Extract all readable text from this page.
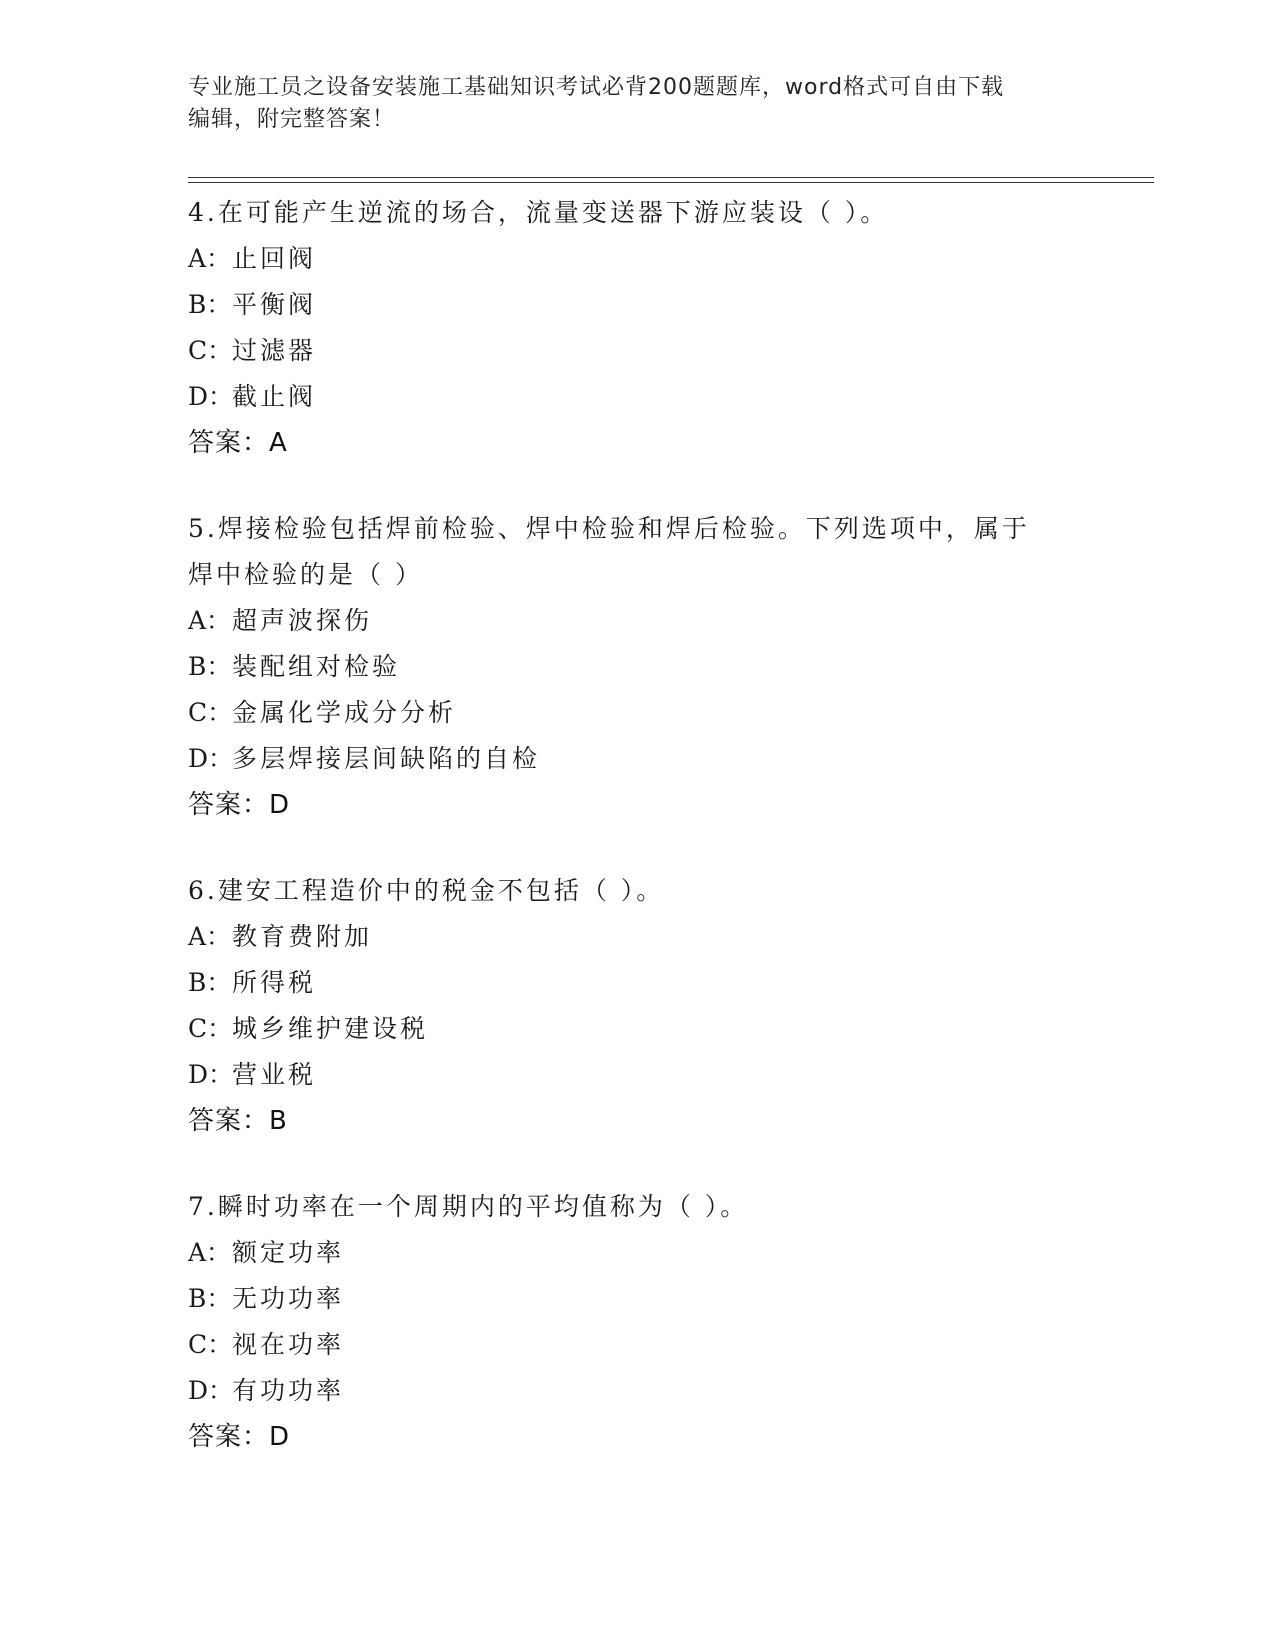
专业施工员之设备安装施工基础知识考试必背200题题库，word格式可自由下载
编辑，附完整答案！
4.在可能产生逆流的场合，流量变送器下游应装设（ ）。
A：止回阀
B：平衡阀
C：过滤器
D：截止阀
答案：A
5.焊接检验包括焊前检验、焊中检验和焊后检验。下列选项中，属于
焊中检验的是（ ）
A：超声波探伤
B：装配组对检验
C：金属化学成分分析
D：多层焊接层间缺陷的自检
答案：D
6.建安工程造价中的税金不包括（ ）。
A：教育费附加
B：所得税
C：城乡维护建设税
D：营业税
答案：B
7.瞬时功率在一个周期内的平均值称为（ ）。
A：额定功率
B：无功功率
C：视在功率
D：有功功率
答案：D
